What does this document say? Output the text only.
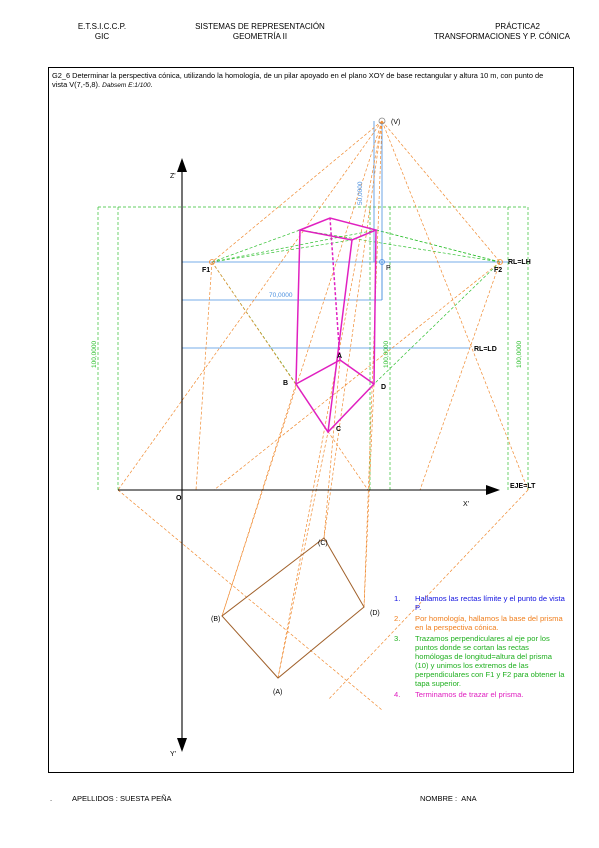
E.T.S.I.C.C.P.
GIC
SISTEMAS DE REPRESENTACIÓN
GEOMETRÍA II
PRÁCTICA2
TRANSFORMACIONES Y P. CÓNICA
G2_6 Determinar la perspectiva cónica, utilizando la homología, de un pilar apoyado en el plano XOY de base rectangular y altura 10 m, con punto de vista V(7,-5,8). Dabsem E:1/100.
Z'
X'
Y'
O
(V)
P
F1	F2
RL=LH
RL=LD
EJE=LT
A
B
C
D
(A)
(B)
(C)
(D)
70,0000
50,0000
100,0000	100,0000	100,0000
1.	Hallamos las rectas límite y el punto de vista P.
2.	Por homología, hallamos la base del prisma en la perspectiva cónica.
3.	Trazamos perpendiculares al eje por los puntos donde se cortan las rectas homólogas de longitud=altura del prisma (10) y unimos los extremos de las perpendiculares con F1 y F2 para obtener la tapa superior.
4.	Terminamos de trazar el prisma.
.	APELLIDOS : SUESTA PEÑA	NOMBRE : ANA
